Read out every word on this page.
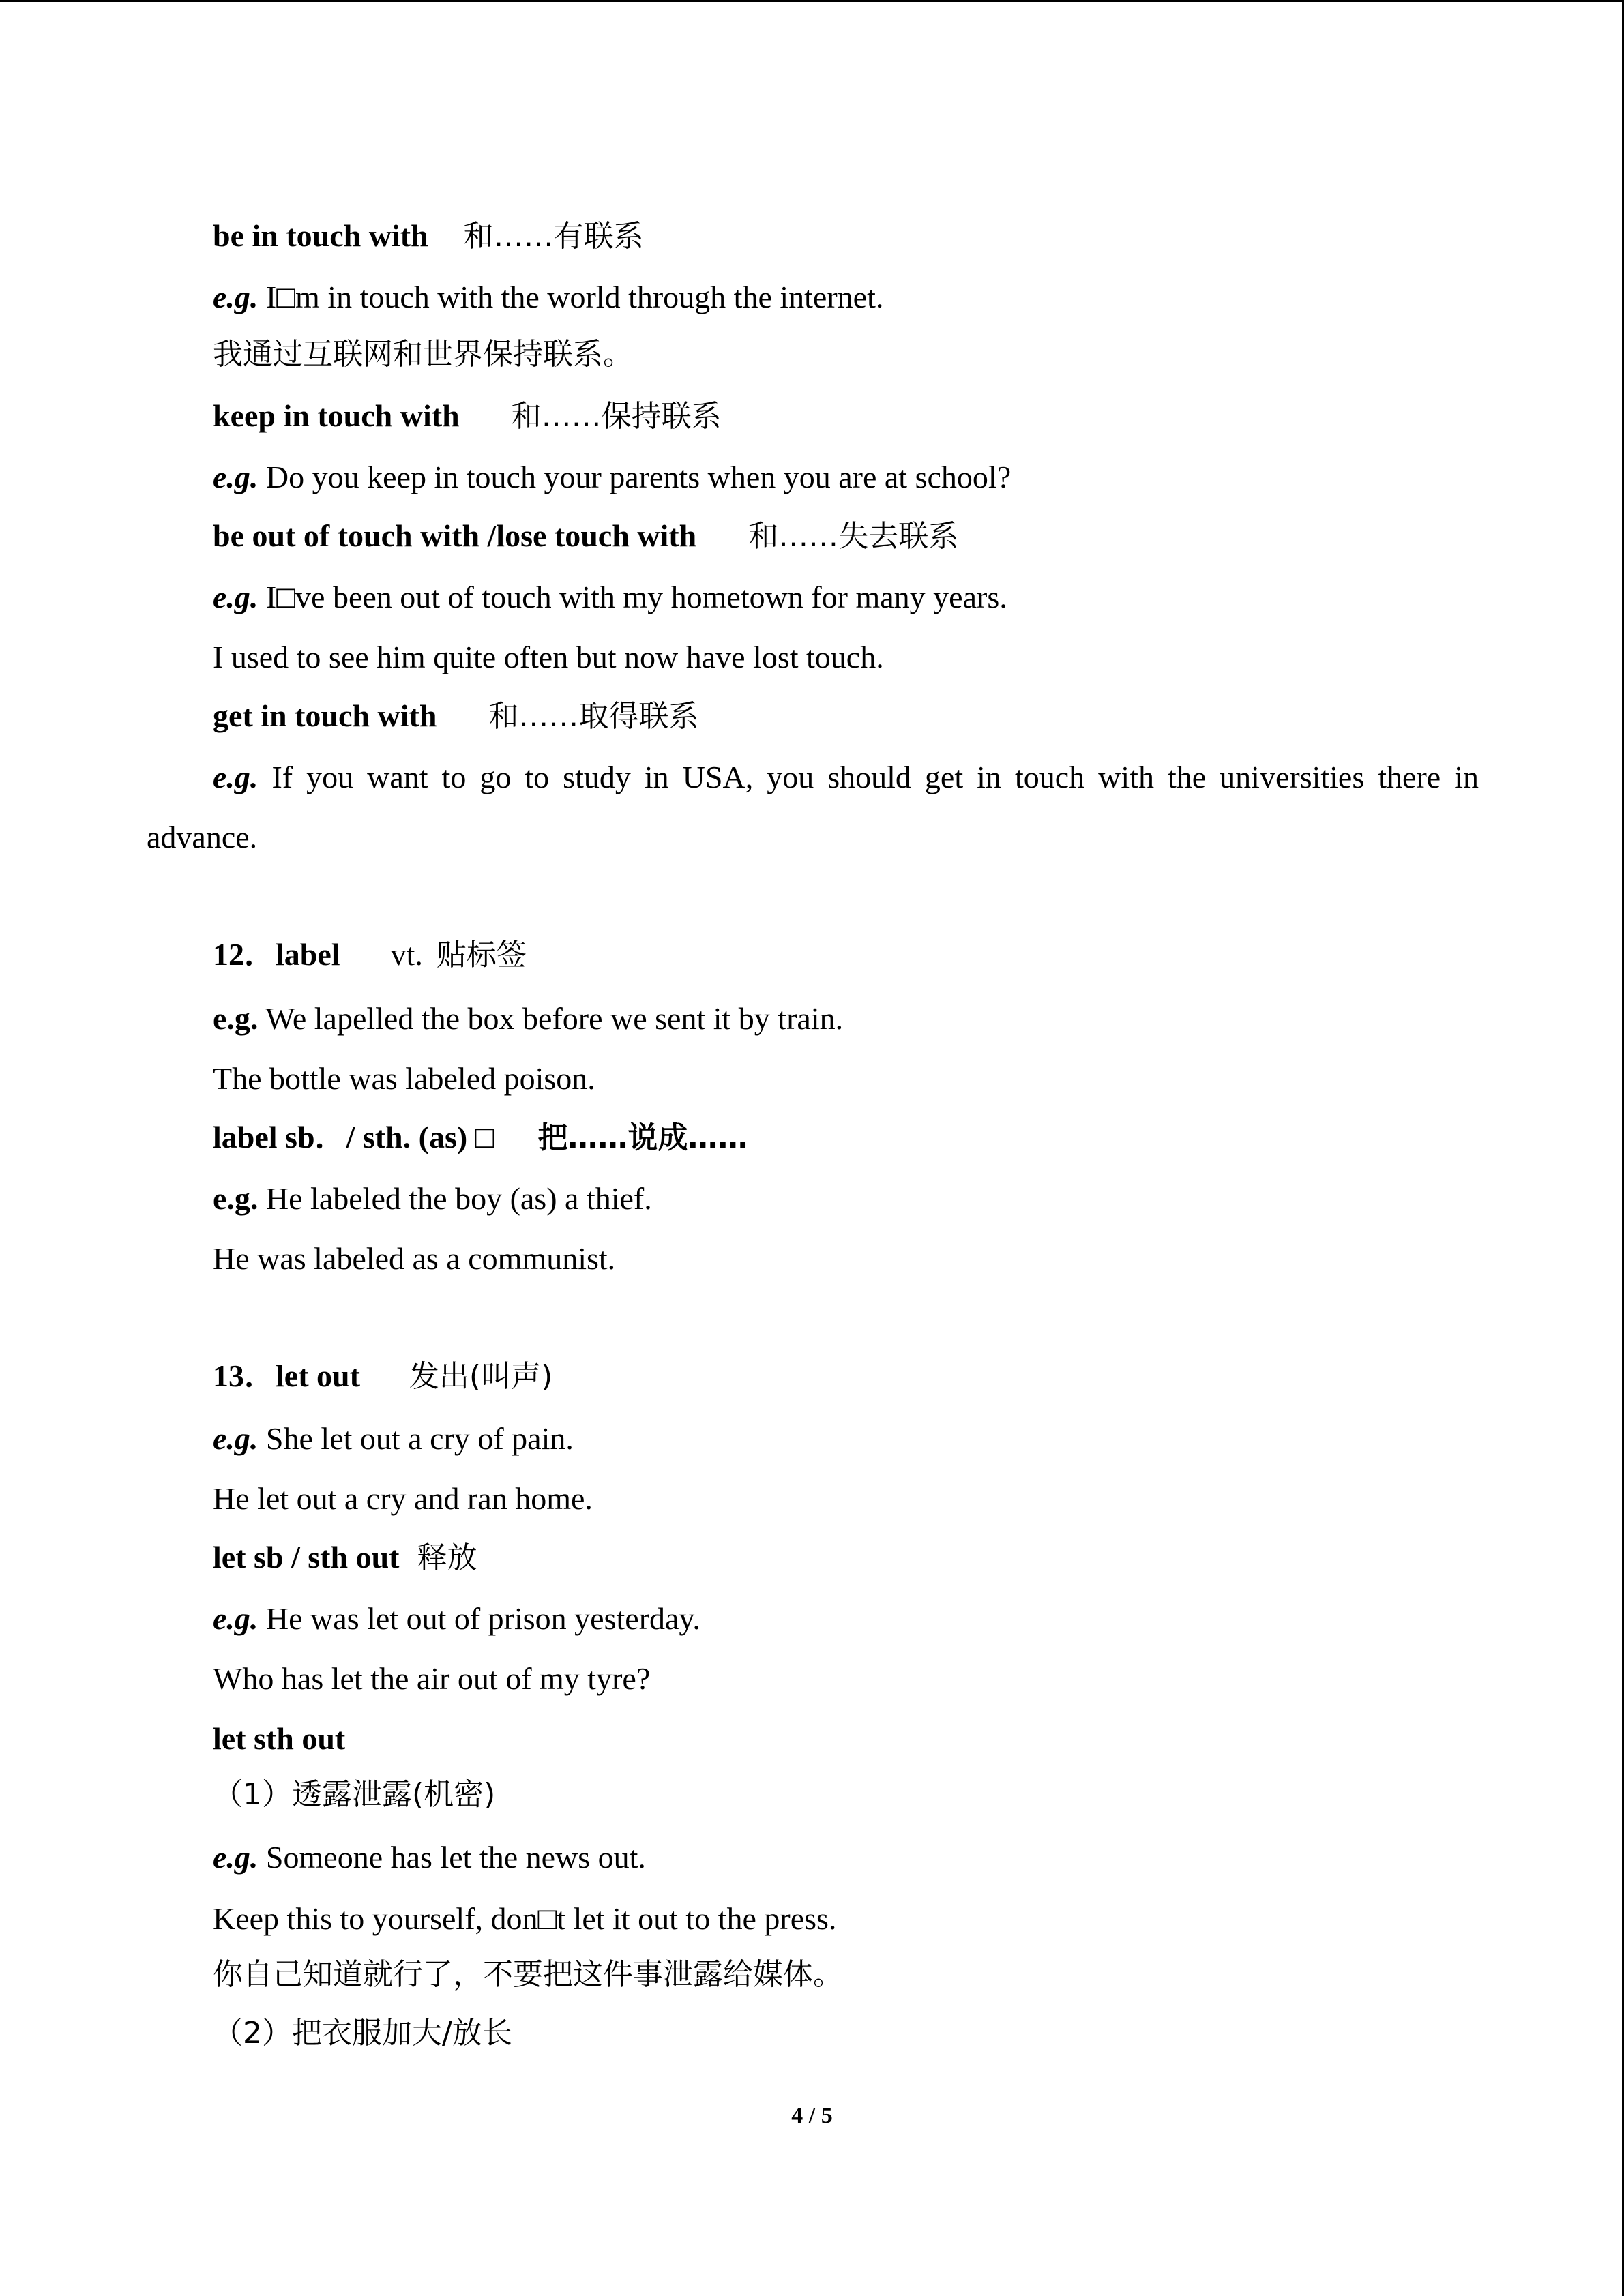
be in touch with 和……有联系
e.g. I□m in touch with the world through the internet.
我通过互联网和世界保持联系。
keep in touch with 和……保持联系
e.g. Do you keep in touch your parents when you are at school?
be out of touch with /lose touch with 和……失去联系
e.g. I□ve been out of touch with my hometown for many years.
I used to see him quite often but now have lost touch.
get in touch with 和……取得联系
e.g. If you want to go to study in USA, you should get in touch with the universities there in
advance.
12．label vt. 贴标签
e.g. We lapelled the box before we sent it by train.
The bottle was labeled poison.
label sb．/ sth. (as) □ 把……说成……
e.g. He labeled the boy (as) a thief.
He was labeled as a communist.
13．let out 发出(叫声)
e.g. She let out a cry of pain.
He let out a cry and ran home.
let sb / sth out 释放
e.g. He was let out of prison yesterday.
Who has let the air out of my tyre?
let sth out
（1）透露泄露(机密)
e.g. Someone has let the news out.
Keep this to yourself, don□t let it out to the press.
你自己知道就行了，不要把这件事泄露给媒体。
（2）把衣服加大/放长
4 / 5
